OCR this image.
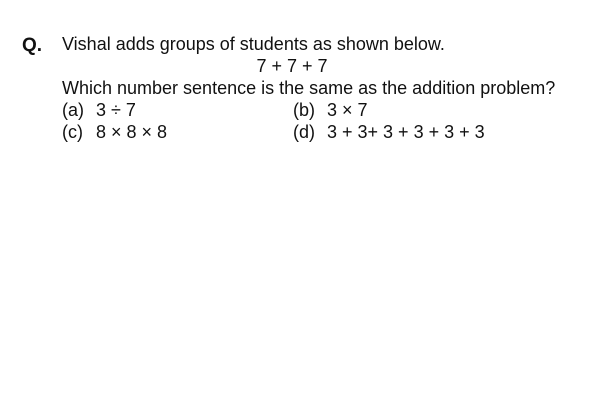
Q. Vishal adds groups of students as shown below.
7 + 7 + 7
Which number sentence is the same as the addition problem?
(a) 3 ÷ 7	(b) 3 × 7
(c) 8 × 8 × 8	(d) 3 + 3+ 3 + 3 + 3 + 3
